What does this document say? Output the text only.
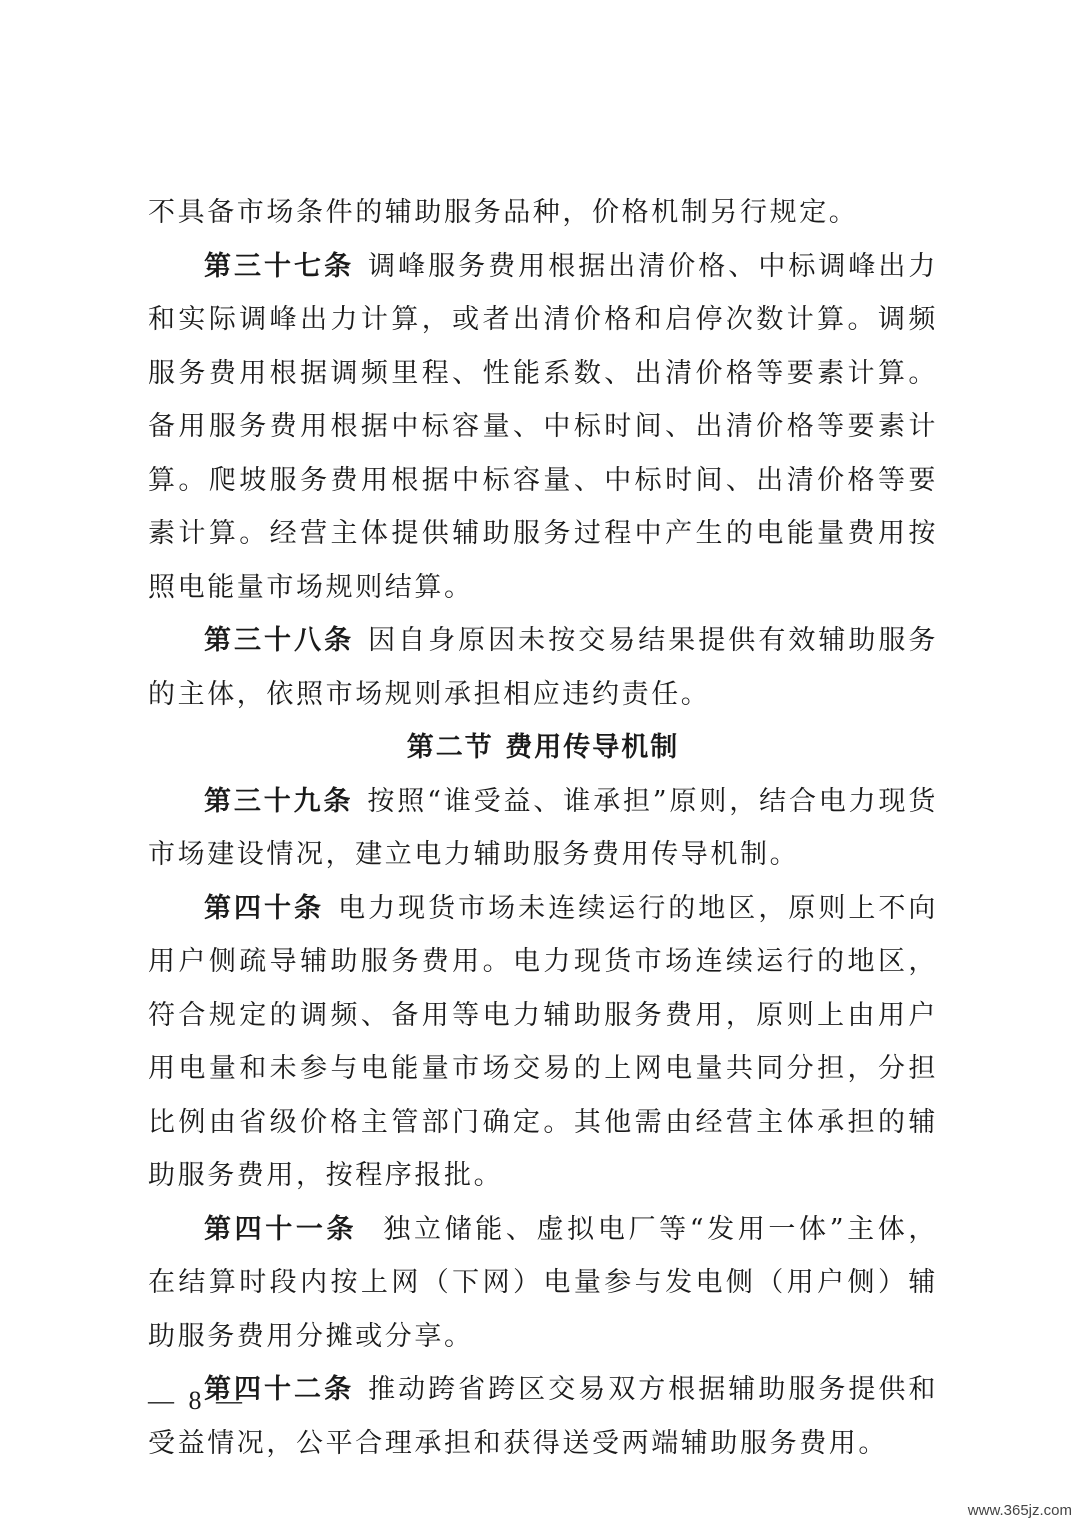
不具备市场条件的辅助服务品种，价格机制另行规定。

第三十七条 调峰服务费用根据出清价格、中标调峰出力和实际调峰出力计算，或者出清价格和启停次数计算。调频服务费用根据调频里程、性能系数、出清价格等要素计算。备用服务费用根据中标容量、中标时间、出清价格等要素计算。爬坡服务费用根据中标容量、中标时间、出清价格等要素计算。经营主体提供辅助服务过程中产生的电能量费用按照电能量市场规则结算。

第三十八条 因自身原因未按交易结果提供有效辅助服务的主体，依照市场规则承担相应违约责任。

第二节 费用传导机制

第三十九条 按照“谁受益、谁承担”原则，结合电力现货市场建设情况，建立电力辅助服务费用传导机制。

第四十条 电力现货市场未连续运行的地区，原则上不向用户侧疏导辅助服务费用。电力现货市场连续运行的地区，符合规定的调频、备用等电力辅助服务费用，原则上由用户用电量和未参与电能量市场交易的上网电量共同分担，分担比例由省级价格主管部门确定。其他需由经营主体承担的辅助服务费用，按程序报批。

第四十一条 独立储能、虚拟电厂等“发用一体”主体，在结算时段内按上网（下网）电量参与发电侧（用户侧）辅助服务费用分摊或分享。

第四十二条 推动跨省跨区交易双方根据辅助服务提供和受益情况，公平合理承担和获得送受两端辅助服务费用。

— 8 —
www.365jz.com
